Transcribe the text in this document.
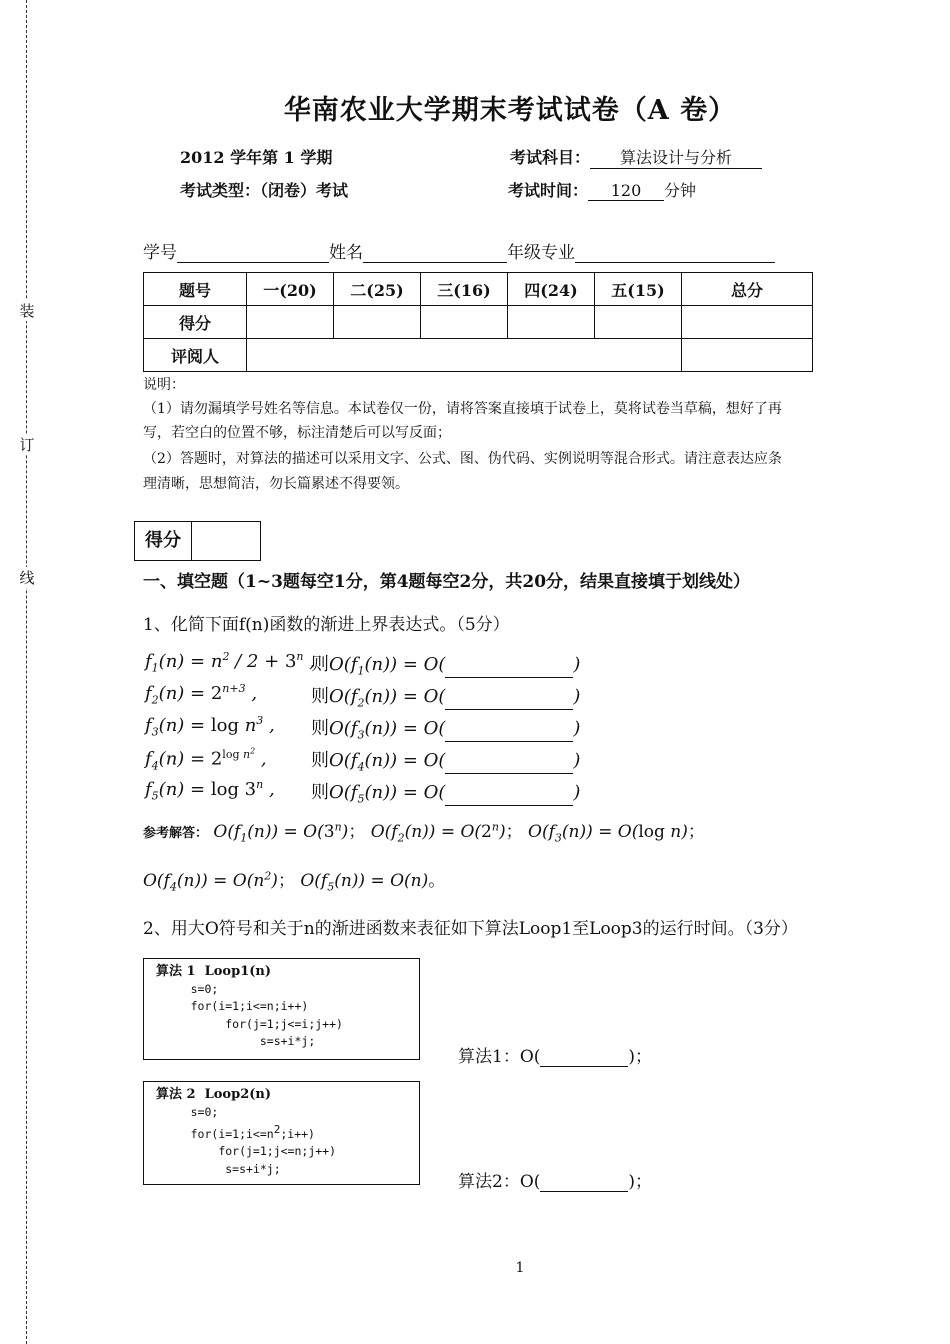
装
订
线
华南农业大学期末考试试卷（A 卷）
2012 学年第 1 学期	考试科目： 算法设计与分析
考试类型：（闭卷）考试	考试时间： 120 分钟
学号	姓名	年级专业
题号	一(20)	二(25)	三(16)	四(24)	五(15)	总分
得分						
评阅人						
说明：
（1）请勿漏填学号姓名等信息。本试卷仅一份，请将答案直接填于试卷上，莫将试卷当草稿，想好了再
写，若空白的位置不够，标注清楚后可以写反面；
（2）答题时，对算法的描述可以采用文字、公式、图、伪代码、实例说明等混合形式。请注意表达应条
理清晰，思想简洁，勿长篇累述不得要领。
得分
一、填空题（1~3题每空1分，第4题每空2分，共20分，结果直接填于划线处）
1、化简下面f(n)函数的渐进上界表达式。（5分）
$f_1(n) = n^2 / 2 + 3^n$ ,
则$O(f_1(n)) = O$(	)
$f_2(n) = 2^{n+3}$ ,	则$O(f_2(n)) = O$(	)
$f_3(n) = \log n^3$ , 则$O(f_3(n)) = O$(	)
$f_4(n) = 2^{log n^2}$ , 则$O(f_4(n)) = O$(	)
$f_5(n) = \log 3^n$ , 则$O(f_5(n)) = O$(	)
参考解答： $O(f_1(n)) = O(3^n)$； $O(f_2(n)) = O(2^n)$； $O(f_3(n)) = O(\log$ n)；
$O(f_4(n)) = O(n^2)$； $O(f_5(n)) = O(n)$。
2、用大O符号和关于n的渐进函数来表征如下算法Loop1至Loop3的运行时间。（3分）
算法 1  Loop1(n)
s=0;
for(i=1;i<=n;i++)
for(j=1;j<=i;j++)
s=s+i*j;
算法1：O(	)；
算法 2  Loop2(n)
s=0;
$for(i=1;i<=n^2;i++)$
for(j=1;j<=n;j++)
s=s+i*j;
算法2：O(	)；
1
